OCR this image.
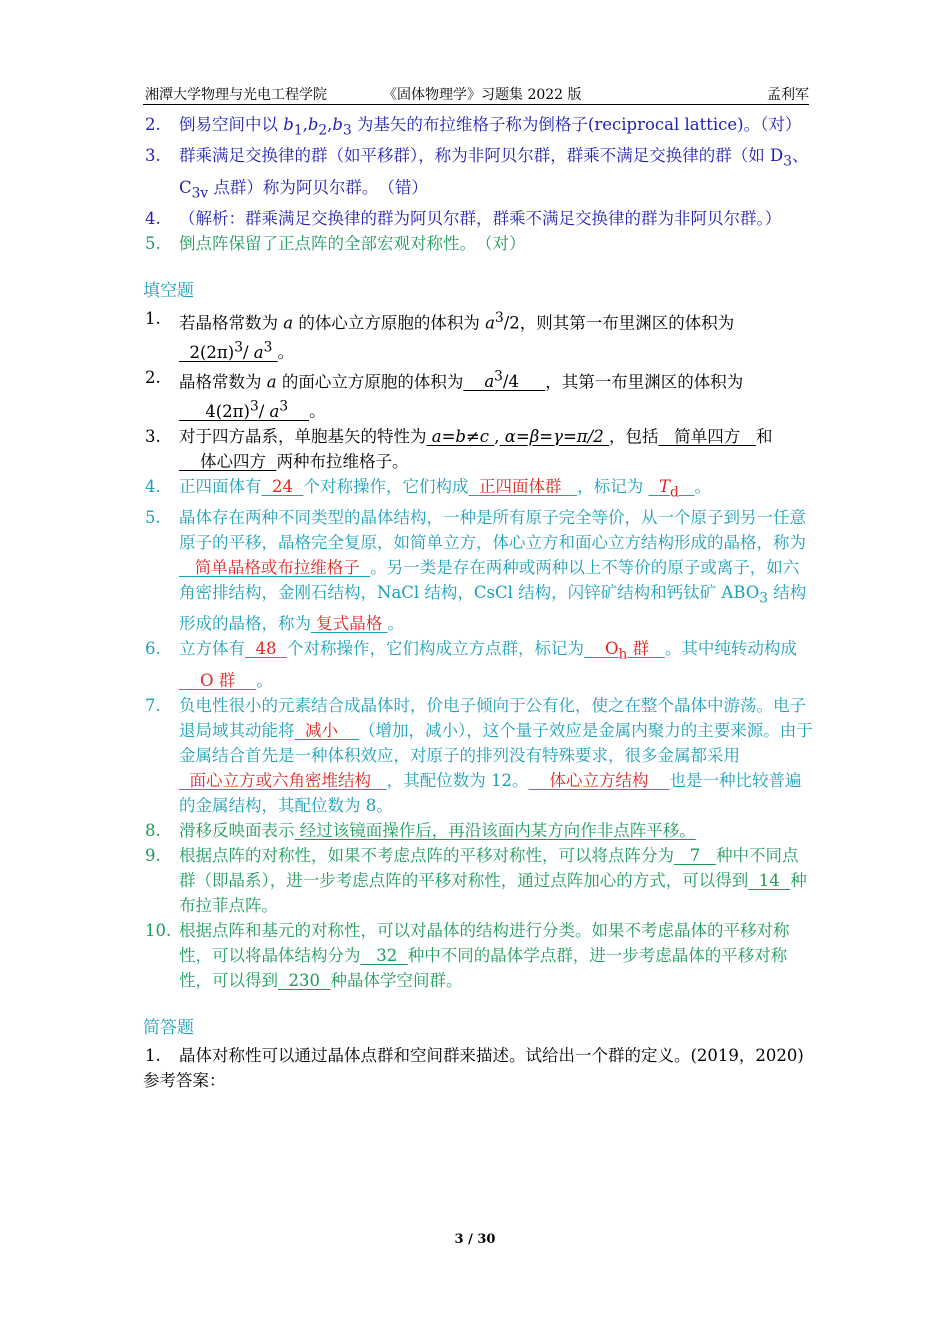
湘潭大学物理与光电工程学院	《固体物理学》习题集 2022 版	孟利军
2. 倒易空间中以 $b_1,b_2,b_3$ 为基矢的布拉维格子称为倒格子(reciprocal lattice)。（对）
3. 群乘满足交换律的群（如平移群），称为非阿贝尔群，群乘不满足交换律的群（如 $D_3$、$C_{3v}$ 点群）称为阿贝尔群。　（错）
4. （解析：群乘满足交换律的群为阿贝尔群，群乘不满足交换律的群为非阿贝尔群。）
5. 倒点阵保留了正点阵的全部宏观对称性。　（对）
填空题
1. 若晶格常数为 a 的体心立方原胞的体积为 $a^3/2$，则其第一布里渊区的体积为  $2(2\pi)^3/$ $a^3$ 。
2. 晶格常数为 a 的面心立方原胞的体积为 $a^3/4$     ，其第一布里渊区的体积为     $4(2\pi)^3/$ $a^3$ 。
3. 对于四方晶系，单胞基矢的特性为 a=b≠c , α=β=γ=π/2 ，包括   简单四方   和    体心四方  两种布拉维格子。
4. 正四面体有  24  个对称操作，它们构成  正四面体群   ，标记为   $T_d$ 。
5. 晶体存在两种不同类型的晶体结构，一种是所有原子完全等价，从一个原子到另一任意原子的平移，晶格完全复原，如简单立方，体心立方和面心立方结构形成的晶格，称为   简单晶格或布拉维格子  。另一类是存在两种或两种以上不等价的原子或离子，如六角密排结构，金刚石结构，NaCl 结构，CsCl 结构，闪锌矿结构和钙钛矿 $ABO_3$ 结构形成的晶格，称为 复式晶格 。
6. 立方体有  48  个对称操作，它们构成立方点群，标记为    $O_h$ 群   。其中纯转动构成    O 群    。
7. 负电性很小的元素结合成晶体时，价电子倾向于公有化，使之在整个晶体中游荡。电子退局域其动能将  减小    （增加，减小），这个量子效应是金属内聚力的主要来源。由于金属结合首先是一种体积效应，对原子的排列没有特殊要求，很多金属都采用  面心立方或六角密堆结构   ，其配位数为 12。    体心立方结构    也是一种比较普遍的金属结构，其配位数为 8。
8. 滑移反映面表示 经过该镜面操作后，再沿该面内某方向作非点阵平移。
9. 根据点阵的对称性，如果不考虑点阵的平移对称性，可以将点阵分为   7   种中不同点群（即晶系），进一步考虑点阵的平移对称性，通过点阵加心的方式，可以得到  14  种布拉菲点阵。
10. 根据点阵和基元的对称性，可以对晶体的结构进行分类。如果不考虑晶体的平移对称性，可以将晶体结构分为   32  种中不同的晶体学点群，进一步考虑晶体的平移对称性，可以得到  230  种晶体学空间群。
简答题
1. 晶体对称性可以通过晶体点群和空间群来描述。试给出一个群的定义。(2019，2020)
参考答案：
3 / 30
